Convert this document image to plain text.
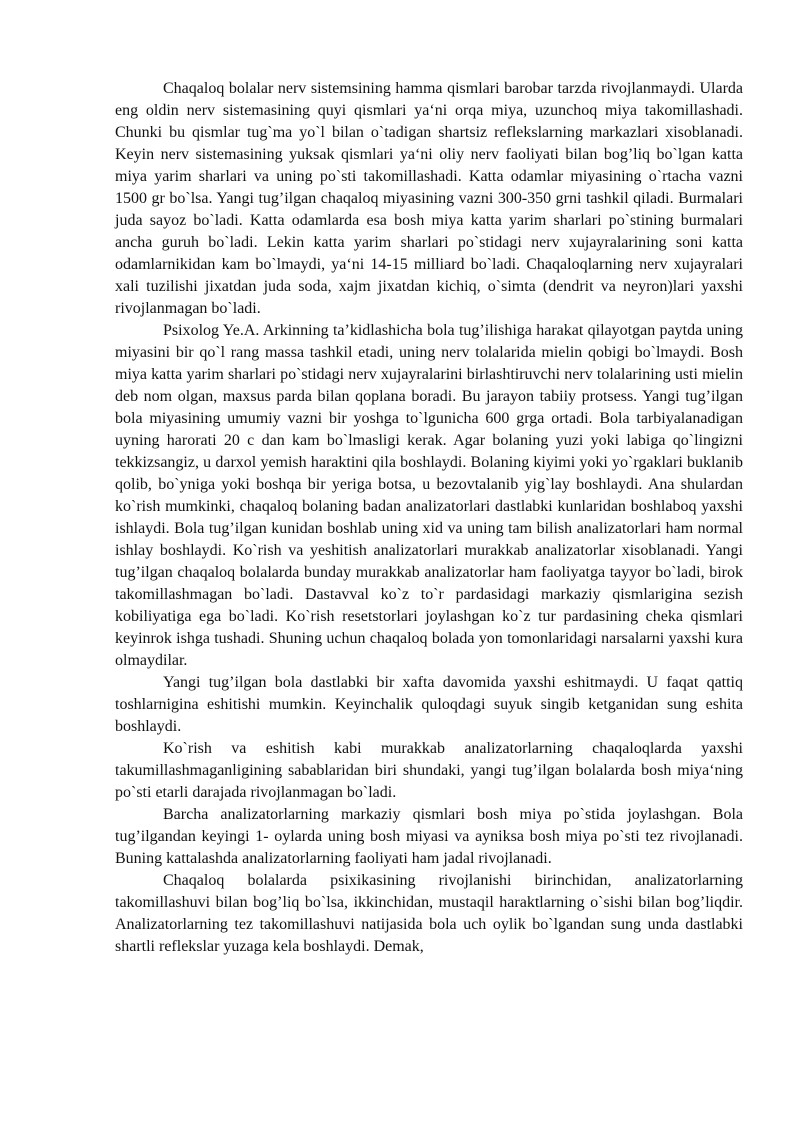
Chaqaloq bolalar nerv sistemsining hamma qismlari barobar tarzda rivojlanmaydi. Ularda eng oldin nerv sistemasining quyi qismlari ya‘ni orqa miya, uzunchoq miya takomillashadi. Chunki bu qismlar tug`ma yo`l bilan o`tadigan shartsiz reflekslarning markazlari xisoblanadi. Keyin nerv sistemasining yuksak qismlari ya‘ni oliy nerv faoliyati bilan bog’liq bo`lgan katta miya yarim sharlari va uning po`sti takomillashadi. Katta odamlar miyasining o`rtacha vazni 1500 gr bo`lsa. Yangi tug’ilgan chaqaloq miyasining vazni 300-350 grni tashkil qiladi. Burmalari juda sayoz bo`ladi. Katta odamlarda esa bosh miya katta yarim sharlari po`stining burmalari ancha guruh bo`ladi. Lekin katta yarim sharlari po`stidagi nerv xujayralarining soni katta odamlarnikidan kam bo`lmaydi, ya‘ni 14-15 milliard bo`ladi. Chaqaloqlarning nerv xujayralari xali tuzilishi jixatdan juda soda, xajm jixatdan kichiq, o`simta (dendrit va neyron)lari yaxshi rivojlanmagan bo`ladi.

Psixolog Ye.A. Arkinning ta’kidlashicha bola tug’ilishiga harakat qilayotgan paytda uning miyasini bir qo`l rang massa tashkil etadi, uning nerv tolalarida mielin qobigi bo`lmaydi. Bosh miya katta yarim sharlari po`stidagi nerv xujayralarini birlashtiruvchi nerv tolalarining usti mielin deb nom olgan, maxsus parda bilan qoplana boradi. Bu jarayon tabiiy protsess. Yangi tug’ilgan bola miyasining umumiy vazni bir yoshga to`lgunicha 600 grga ortadi. Bola tarbiyalanadigan uyning harorati 20 c dan kam bo`lmasligi kerak. Agar bolaning yuzi yoki labiga qo`lingizni tekkizsangiz, u darxol yemish haraktini qila boshlaydi. Bolaning kiyimi yoki yo`rgaklari buklanib qolib, bo`yniga yoki boshqa bir yeriga botsa, u bezovtalanib yig`lay boshlaydi. Ana shulardan ko`rish mumkinki, chaqaloq bolaning badan analizatorlari dastlabki kunlaridan boshlaboq yaxshi ishlaydi. Bola tug’ilgan kunidan boshlab uning xid va uning tam bilish analizatorlari ham normal ishlay boshlaydi. Ko`rish va yeshitish analizatorlari murakkab analizatorlar xisoblanadi. Yangi tug’ilgan chaqaloq bolalarda bunday murakkab analizatorlar ham faoliyatga tayyor bo`ladi, birok takomillashmagan bo`ladi. Dastavval ko`z to`r pardasidagi markaziy qismlarigina sezish kobiliyatiga ega bo`ladi. Ko`rish resetstorlari joylashgan ko`z tur pardasining cheka qismlari keyinrok ishga tushadi. Shuning uchun chaqaloq bolada yon tomonlaridagi narsalarni yaxshi kura olmaydilar.

Yangi tug’ilgan bola dastlabki bir xafta davomida yaxshi eshitmaydi. U faqat qattiq toshlarnigina eshitishi mumkin. Keyinchalik quloqdagi suyuk singib ketganidan sung eshita boshlaydi.

Ko`rish va eshitish kabi murakkab analizatorlarning chaqaloqlarda yaxshi takumillashmaganligining sabablaridan biri shundaki, yangi tug’ilgan bolalarda bosh miya‘ning po`sti etarli darajada rivojlanmagan bo`ladi.

Barcha analizatorlarning markaziy qismlari bosh miya po`stida joylashgan. Bola tug’ilgandan keyingi 1- oylarda uning bosh miyasi va ayniksa bosh miya po`sti tez rivojlanadi. Buning kattalashda analizatorlarning faoliyati ham jadal rivojlanadi.

Chaqaloq bolalarda psixikasining rivojlanishi birinchidan, analizatorlarning takomillashuvi bilan bog’liq bo`lsa, ikkinchidan, mustaqil haraktlarning o`sishi bilan bog’liqdir. Analizatorlarning tez takomillashuvi natijasida bola uch oylik bo`lgandan sung unda dastlabki shartli reflekslar yuzaga kela boshlaydi. Demak,
